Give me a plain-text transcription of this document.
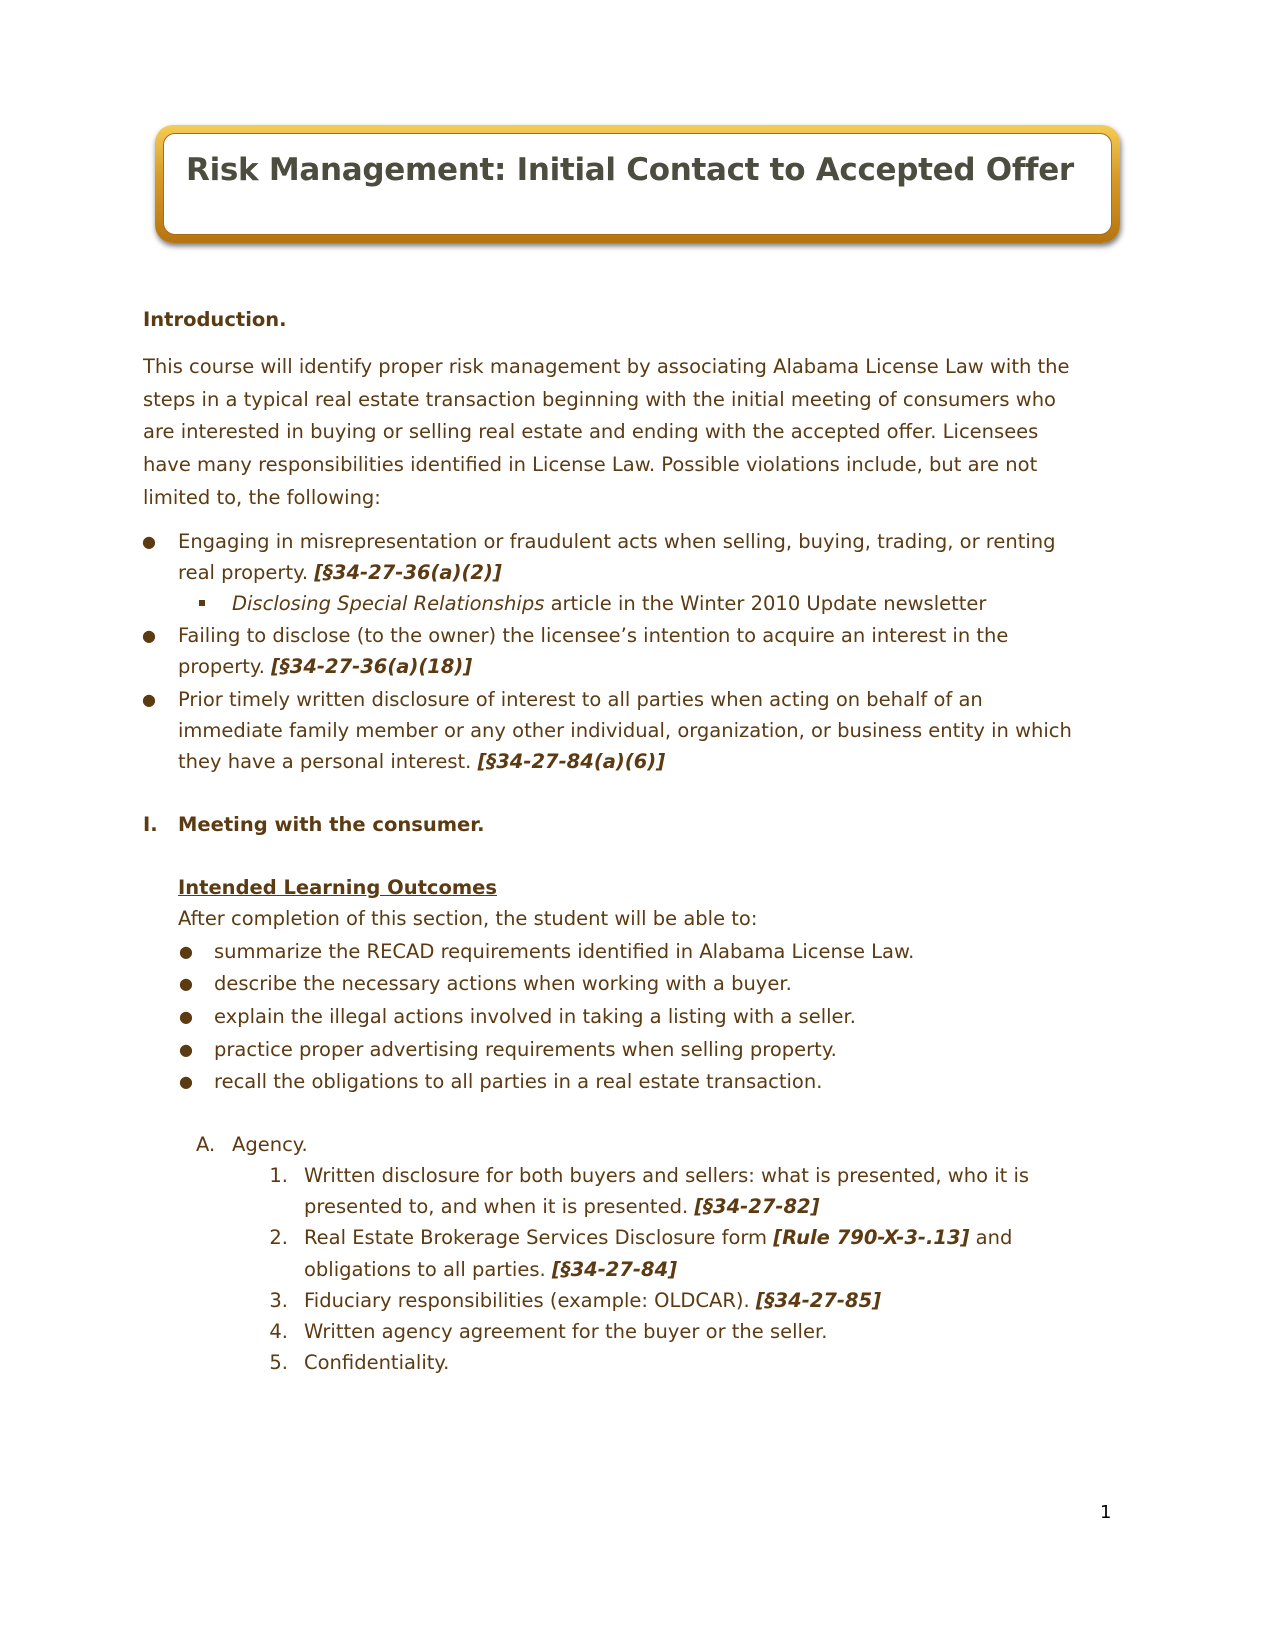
Risk Management: Initial Contact to Accepted Offer
Introduction.

This course will identify proper risk management by associating Alabama License Law with the

steps in a typical real estate transaction beginning with the initial meeting of consumers who

are interested in buying or selling real estate and ending with the accepted offer. Licensees

have many responsibilities identified in License Law. Possible violations include, but are not

limited to, the following:

● Engaging in misrepresentation or fraudulent acts when selling, buying, trading, or renting
real property. [§34-27-36(a)(2)]
Disclosing Special Relationships article in the Winter 2010 Update newsletter
● Failing to disclose (to the owner) the licensee’s intention to acquire an interest in the
property. [§34-27-36(a)(18)]
● Prior timely written disclosure of interest to all parties when acting on behalf of an
immediate family member or any other individual, organization, or business entity in which
they have a personal interest. [§34-27-84(a)(6)]
I. Meeting with the consumer.
Intended Learning Outcomes
After completion of this section, the student will be able to:
● summarize the RECAD requirements identified in Alabama License Law.
● describe the necessary actions when working with a buyer.
● explain the illegal actions involved in taking a listing with a seller.
● practice proper advertising requirements when selling property.
● recall the obligations to all parties in a real estate transaction.
A. Agency.
1. Written disclosure for both buyers and sellers: what is presented, who it is
presented to, and when it is presented. [§34-27-82]
2. Real Estate Brokerage Services Disclosure form [Rule 790-X-3-.13] and
obligations to all parties. [§34-27-84]
3. Fiduciary responsibilities (example: OLDCAR). [§34-27-85]
4. Written agency agreement for the buyer or the seller.
5. Confidentiality.
1
